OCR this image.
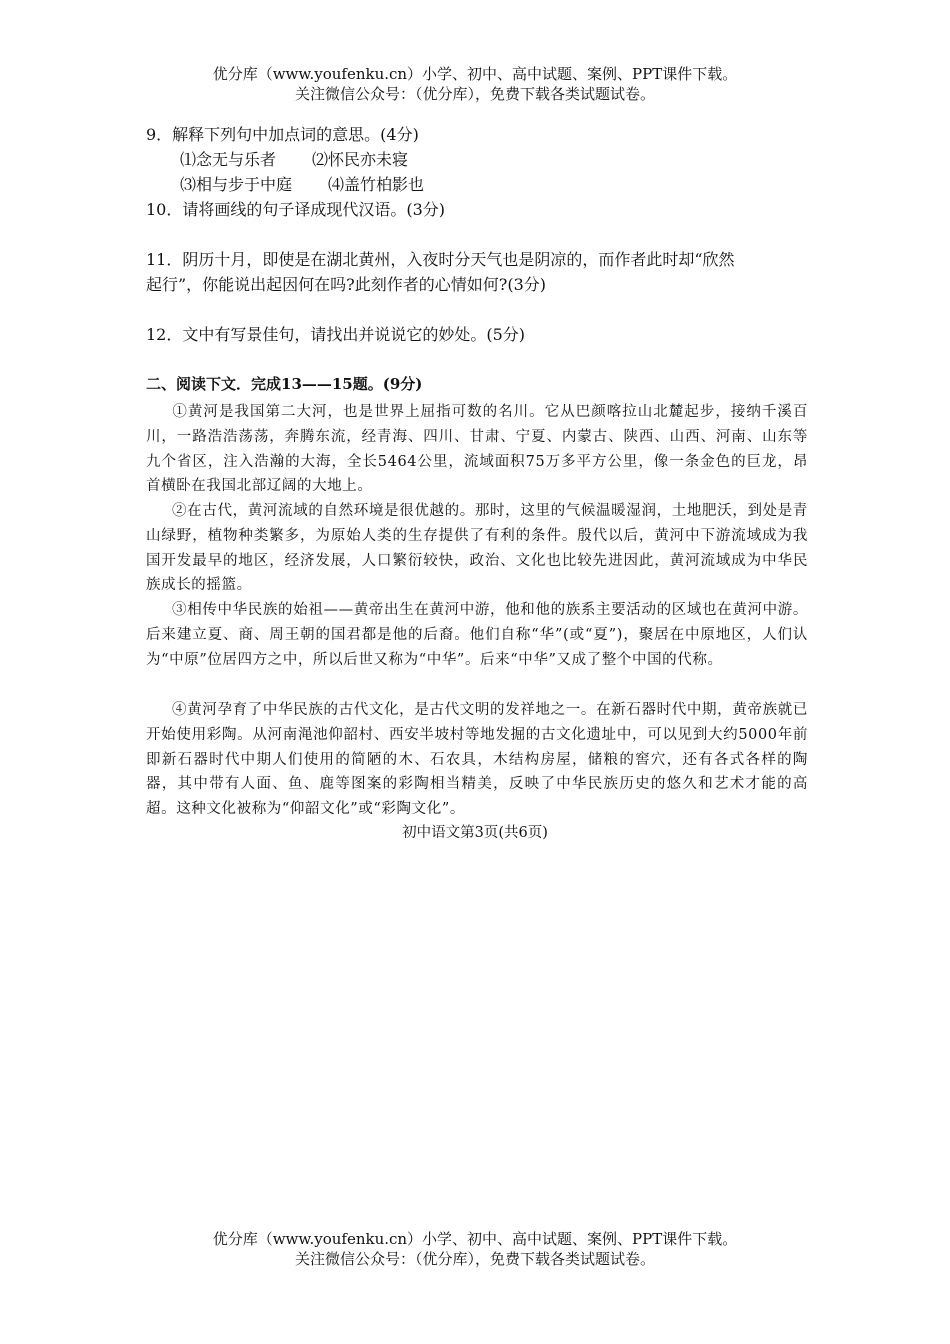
优分库（www.youfenku.cn）小学、初中、高中试题、案例、PPT课件下载。
关注微信公众号：（优分库），免费下载各类试题试卷。
9．解释下列句中加点词的意思。(4分)
⑴念无与乐者 ⑵怀民亦未寝
⑶相与步于中庭 ⑷盖竹柏影也
10．请将画线的句子译成现代汉语。(3分)
11．阴历十月，即使是在湖北黄州，入夜时分天气也是阴凉的，而作者此时却“欣然
起行”，你能说出起因何在吗?此刻作者的心情如何?(3分)
12．文中有写景佳句，请找出并说说它的妙处。(5分)
二、阅读下文．完成13——15题。(9分)
①黄河是我国第二大河，也是世界上屈指可数的名川。它从巴颜喀拉山北麓起步，接纳千溪百川，一路浩浩荡荡，奔腾东流，经青海、四川、甘肃、宁夏、内蒙古、陕西、山西、河南、山东等九个省区，注入浩瀚的大海，全长5464公里，流域面积75万多平方公里，像一条金色的巨龙，昂首横卧在我国北部辽阔的大地上。
②在古代，黄河流域的自然环境是很优越的。那时，这里的气候温暖湿润，土地肥沃，到处是青山绿野，植物种类繁多，为原始人类的生存提供了有利的条件。殷代以后，黄河中下游流域成为我国开发最早的地区，经济发展，人口繁衍较快，政治、文化也比较先进因此，黄河流域成为中华民族成长的摇篮。
③相传中华民族的始祖——黄帝出生在黄河中游，他和他的族系主要活动的区域也在黄河中游。后来建立夏、商、周王朝的国君都是他的后裔。他们自称“华”(或“夏”)，聚居在中原地区，人们认为“中原”位居四方之中，所以后世又称为“中华”。后来“中华”又成了整个中国的代称。
④黄河孕育了中华民族的古代文化，是古代文明的发祥地之一。在新石器时代中期，黄帝族就已开始使用彩陶。从河南渑池仰韶村、西安半坡村等地发掘的古文化遗址中，可以见到大约5000年前即新石器时代中期人们使用的简陋的木、石农具，木结构房屋，储粮的窖穴，还有各式各样的陶器，其中带有人面、鱼、鹿等图案的彩陶相当精美，反映了中华民族历史的悠久和艺术才能的高超。这种文化被称为“仰韶文化”或“彩陶文化”。
初中语文第3页(共6页)
优分库（www.youfenku.cn）小学、初中、高中试题、案例、PPT课件下载。
关注微信公众号：（优分库），免费下载各类试题试卷。
